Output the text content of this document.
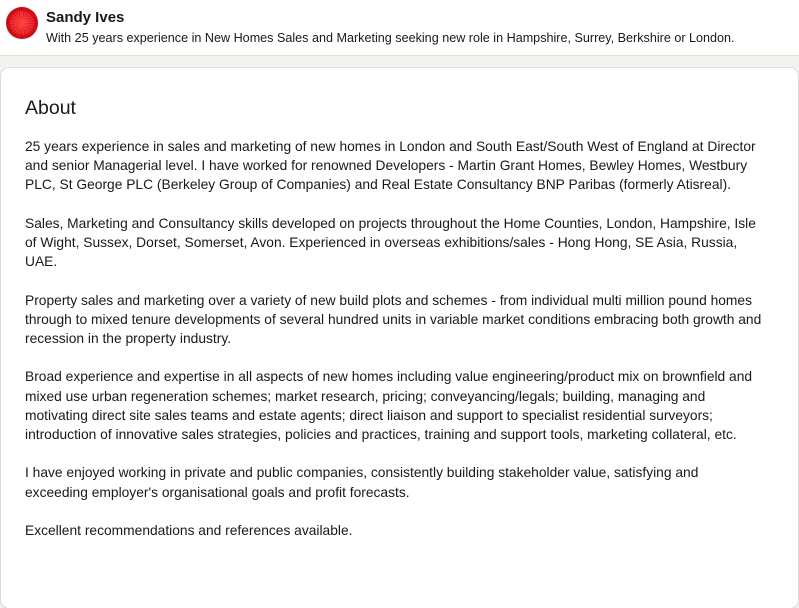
Sandy Ives
With 25 years experience in New Homes Sales and Marketing seeking new role in Hampshire, Surrey, Berkshire or London.
About

25 years experience in sales and marketing of new homes in London and South East/South West of England at Director and senior Managerial level. I have worked for renowned Developers - Martin Grant Homes, Bewley Homes, Westbury PLC, St George PLC (Berkeley Group of Companies) and Real Estate Consultancy BNP Paribas (formerly Atisreal).

Sales, Marketing and Consultancy skills developed on projects throughout the Home Counties, London, Hampshire, Isle of Wight, Sussex, Dorset, Somerset, Avon. Experienced in overseas exhibitions/sales - Hong Hong, SE Asia, Russia, UAE.

Property sales and marketing over a variety of new build plots and schemes - from individual multi million pound homes through to mixed tenure developments of several hundred units in variable market conditions embracing both growth and recession in the property industry.

Broad experience and expertise in all aspects of new homes including value engineering/product mix on brownfield and mixed use urban regeneration schemes; market research, pricing; conveyancing/legals; building, managing and motivating direct site sales teams and estate agents; direct liaison and support to specialist residential surveyors; introduction of innovative sales strategies, policies and practices, training and support tools, marketing collateral, etc.

I have enjoyed working in private and public companies, consistently building stakeholder value, satisfying and exceeding employer's organisational goals and profit forecasts.

Excellent recommendations and references available.
